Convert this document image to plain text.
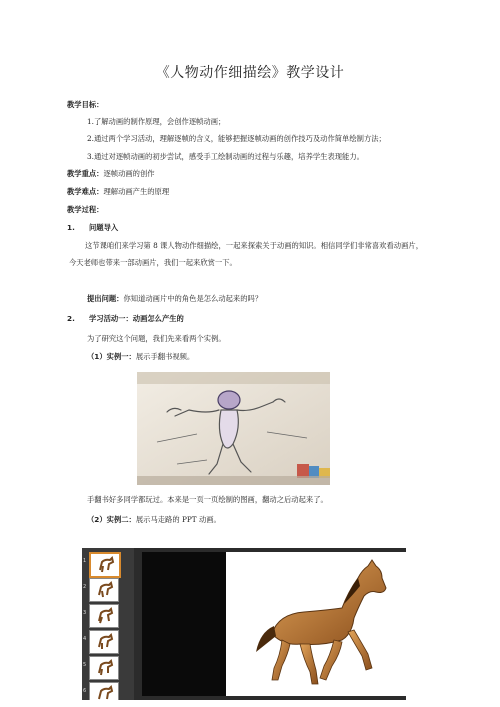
《人物动作细描绘》教学设计
教学目标：
1.了解动画的制作原理，会创作逐帧动画；
2.通过两个学习活动，理解逐帧的含义，能够把握逐帧动画的创作技巧及动作简单绘制方法；
3.通过对逐帧动画的初步尝试，感受手工绘制动画的过程与乐趣，培养学生表现能力。
教学重点：逐帧动画的创作
教学难点：理解动画产生的原理
教学过程：
1. 问题导入
这节课咱们来学习第 8 课人物动作细描绘，一起来探索关于动画的知识。相信同学们非常喜欢看动画片，今天老师也带来一部动画片，我们一起来欣赏一下。
提出问题：你知道动画片中的角色是怎么动起来的吗？
2. 学习活动一：动画怎么产生的
为了研究这个问题，我们先来看两个实例。
（1）实例一：展示手翻书视频。
手翻书好多同学都玩过。本来是一页一页绘制的图画，翻动之后动起来了。
（2）实例二：展示马走路的 PPT 动画。
1
2
3
4
5
6
